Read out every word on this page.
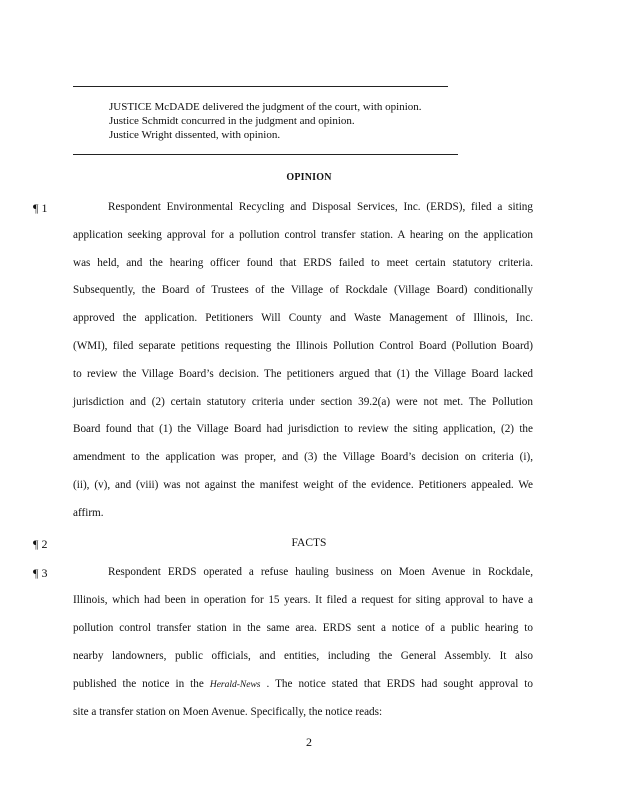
JUSTICE McDADE delivered the judgment of the court, with opinion.
Justice Schmidt concurred in the judgment and opinion.
Justice Wright dissented, with opinion.
OPINION
¶ 1	Respondent Environmental Recycling and Disposal Services, Inc. (ERDS), filed a siting
application seeking approval for a pollution control transfer station. A hearing on the application
was held, and the hearing officer found that ERDS failed to meet certain statutory criteria.
Subsequently, the Board of Trustees of the Village of Rockdale (Village Board) conditionally
approved the application. Petitioners Will County and Waste Management of Illinois, Inc.
(WMI), filed separate petitions requesting the Illinois Pollution Control Board (Pollution Board)
to review the Village Board’s decision. The petitioners argued that (1) the Village Board lacked
jurisdiction and (2) certain statutory criteria under section 39.2(a) were not met. The Pollution
Board found that (1) the Village Board had jurisdiction to review the siting application, (2) the
amendment to the application was proper, and (3) the Village Board’s decision on criteria (i),
(ii), (v), and (viii) was not against the manifest weight of the evidence. Petitioners appealed. We
affirm.
¶ 2	FACTS
¶ 3	Respondent ERDS operated a refuse hauling business on Moen Avenue in Rockdale,
Illinois, which had been in operation for 15 years. It filed a request for siting approval to have a
pollution control transfer station in the same area. ERDS sent a notice of a public hearing to
nearby landowners, public officials, and entities, including the General Assembly. It also
published the notice in the Herald-News . The notice stated that ERDS had sought approval to
site a transfer station on Moen Avenue. Specifically, the notice reads:
2
